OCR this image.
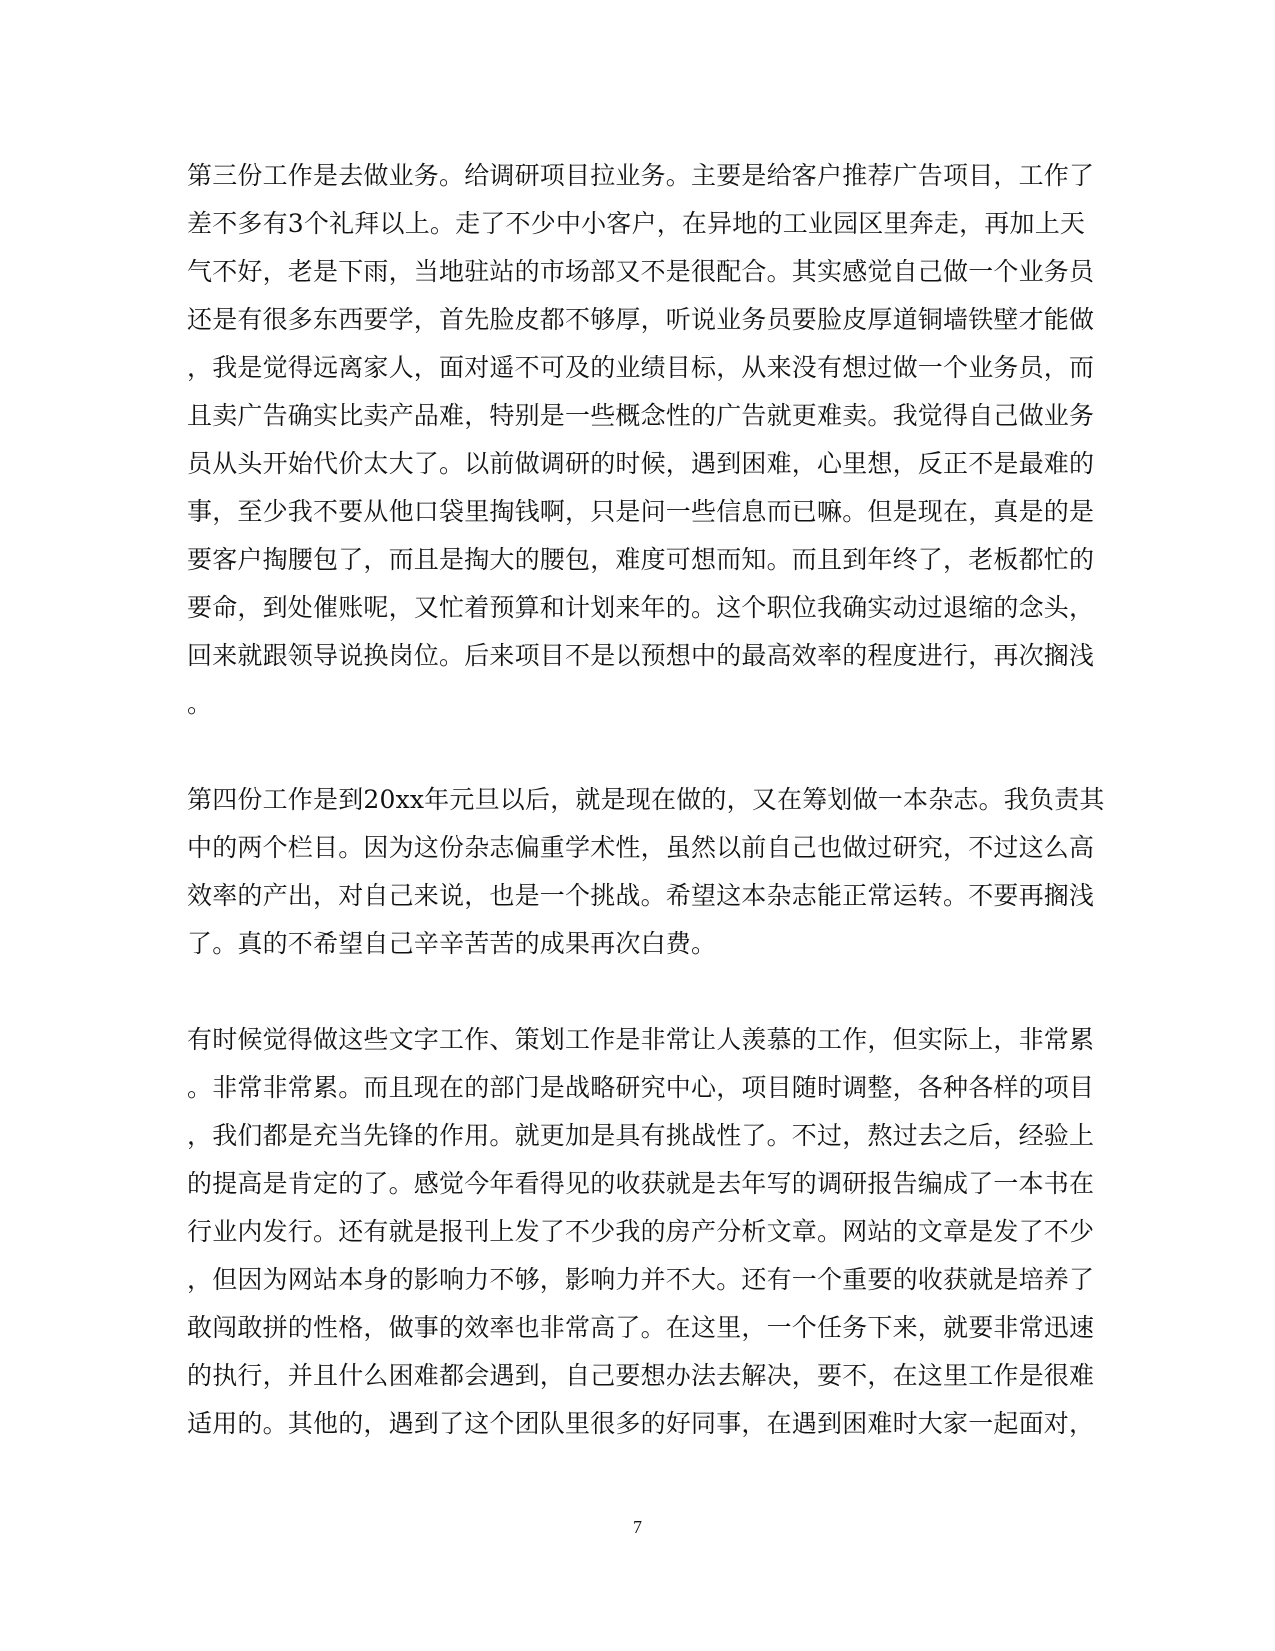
第三份工作是去做业务。给调研项目拉业务。主要是给客户推荐广告项目，工作了
差不多有3个礼拜以上。走了不少中小客户，在异地的工业园区里奔走，再加上天
气不好，老是下雨，当地驻站的市场部又不是很配合。其实感觉自己做一个业务员
还是有很多东西要学，首先脸皮都不够厚，听说业务员要脸皮厚道铜墙铁壁才能做
，我是觉得远离家人，面对遥不可及的业绩目标，从来没有想过做一个业务员，而
且卖广告确实比卖产品难，特别是一些概念性的广告就更难卖。我觉得自己做业务
员从头开始代价太大了。以前做调研的时候，遇到困难，心里想，反正不是最难的
事，至少我不要从他口袋里掏钱啊，只是问一些信息而已嘛。但是现在，真是的是
要客户掏腰包了，而且是掏大的腰包，难度可想而知。而且到年终了，老板都忙的
要命，到处催账呢，又忙着预算和计划来年的。这个职位我确实动过退缩的念头，
回来就跟领导说换岗位。后来项目不是以预想中的最高效率的程度进行，再次搁浅
。
第四份工作是到20xx年元旦以后，就是现在做的，又在筹划做一本杂志。我负责其
中的两个栏目。因为这份杂志偏重学术性，虽然以前自己也做过研究，不过这么高
效率的产出，对自己来说，也是一个挑战。希望这本杂志能正常运转。不要再搁浅
了。真的不希望自己辛辛苦苦的成果再次白费。
有时候觉得做这些文字工作、策划工作是非常让人羡慕的工作，但实际上，非常累
。非常非常累。而且现在的部门是战略研究中心，项目随时调整，各种各样的项目
，我们都是充当先锋的作用。就更加是具有挑战性了。不过，熬过去之后，经验上
的提高是肯定的了。感觉今年看得见的收获就是去年写的调研报告编成了一本书在
行业内发行。还有就是报刊上发了不少我的房产分析文章。网站的文章是发了不少
，但因为网站本身的影响力不够，影响力并不大。还有一个重要的收获就是培养了
敢闯敢拼的性格，做事的效率也非常高了。在这里，一个任务下来，就要非常迅速
的执行，并且什么困难都会遇到，自己要想办法去解决，要不，在这里工作是很难
适用的。其他的，遇到了这个团队里很多的好同事，在遇到困难时大家一起面对，
7
